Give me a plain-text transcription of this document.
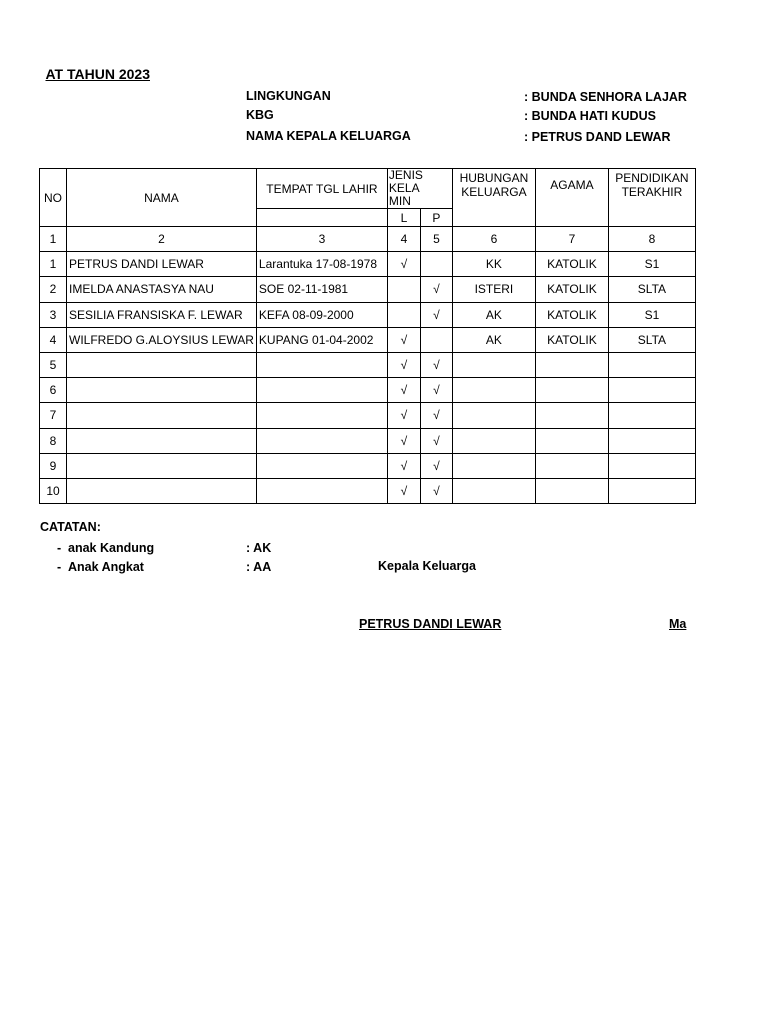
AT TAHUN 2023
LINGKUNGAN	: BUNDA SENHORA LAJAR
KBG	: BUNDA HATI KUDUS
NAMA KEPALA KELUARGA	: PETRUS DAND LEWAR
NO	NAMA	TEMPAT TGL LAHIR	JENIS KELA MIN		HUBUNGAN KELUARGA	AGAMA	PENDIDIKAN TERAKHIR
			L	P			
1	2	3	4	5	6	7	8
1	PETRUS DANDI LEWAR	Larantuka 17-08-1978	√		KK	KATOLIK	S1
2	IMELDA ANASTASYA NAU	SOE 02-11-1981		√	ISTERI	KATOLIK	SLTA
3	SESILIA FRANSISKA F. LEWAR	KEFA 08-09-2000		√	AK	KATOLIK	S1
4	WILFREDO G.ALOYSIUS LEWAR	KUPANG 01-04-2002	√		AK	KATOLIK	SLTA
5			√	√			
6			√	√			
7			√	√			
8			√	√			
9			√	√			
10			√	√			
CATATAN:
- anak Kandung	: AK
- Anak Angkat	: AA	Kepala Keluarga
PETRUS DANDI LEWAR	Ma
